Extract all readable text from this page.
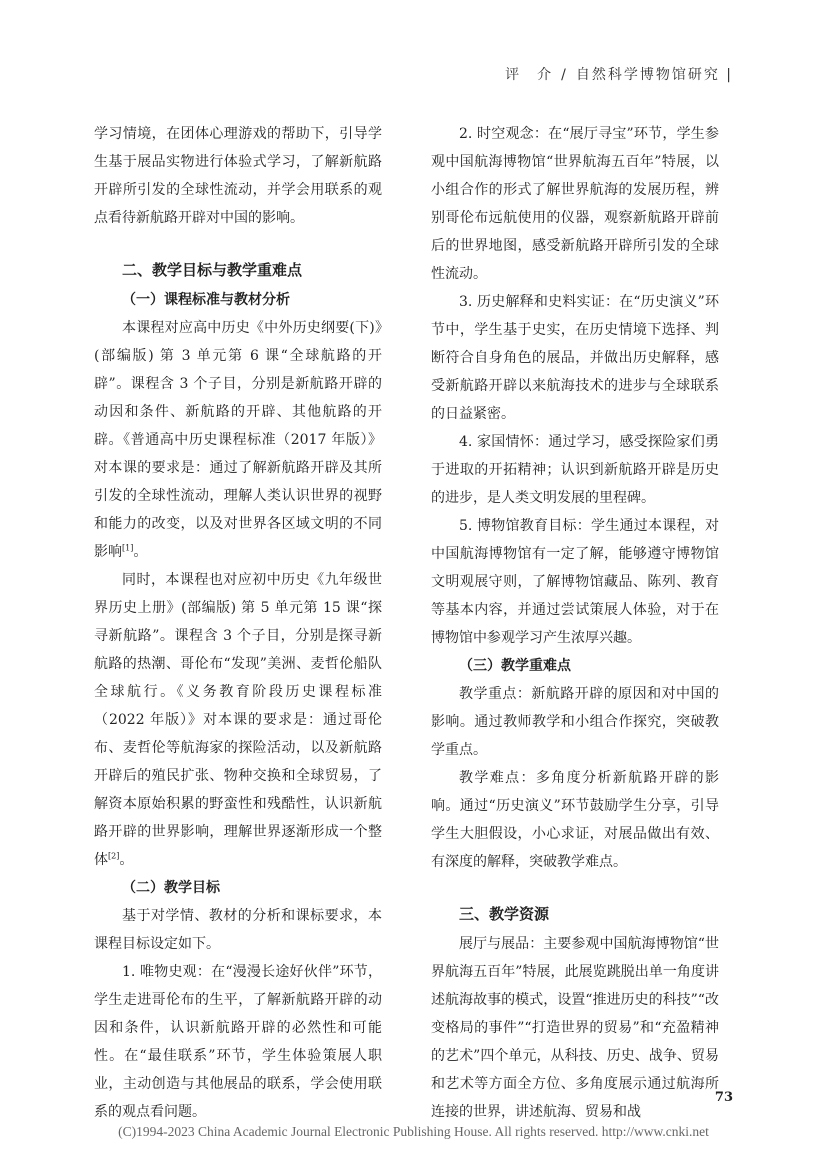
评　介 / 自然科学博物馆研究 |

学习情境，在团体心理游戏的帮助下，引导学生基于展品实物进行体验式学习，了解新航路开辟所引发的全球性流动，并学会用联系的观点看待新航路开辟对中国的影响。

二、教学目标与教学重难点
（一）课程标准与教材分析

本课程对应高中历史《中外历史纲要(下)》(部编版) 第 3 单元第 6 课“全球航路的开辟”。课程含 3 个子目，分别是新航路开辟的动因和条件、新航路的开辟、其他航路的开辟。《普通高中历史课程标准（2017 年版）》对本课的要求是：通过了解新航路开辟及其所引发的全球性流动，理解人类认识世界的视野和能力的改变，以及对世界各区域文明的不同影响[1]。

同时，本课程也对应初中历史《九年级世界历史上册》(部编版) 第 5 单元第 15 课“探寻新航路”。课程含 3 个子目，分别是探寻新航路的热潮、哥伦布“发现”美洲、麦哲伦船队全球航行。《义务教育阶段历史课程标准（2022 年版）》对本课的要求是：通过哥伦布、麦哲伦等航海家的探险活动，以及新航路开辟后的殖民扩张、物种交换和全球贸易，了解资本原始积累的野蛮性和残酷性，认识新航路开辟的世界影响，理解世界逐渐形成一个整体[2]。

（二）教学目标

基于对学情、教材的分析和课标要求，本课程目标设定如下。

1. 唯物史观：在“漫漫长途好伙伴”环节，学生走进哥伦布的生平，了解新航路开辟的动因和条件，认识新航路开辟的必然性和可能性。在“最佳联系”环节，学生体验策展人职业，主动创造与其他展品的联系，学会使用联系的观点看问题。

2. 时空观念：在“展厅寻宝”环节，学生参观中国航海博物馆“世界航海五百年”特展，以小组合作的形式了解世界航海的发展历程，辨别哥伦布远航使用的仪器，观察新航路开辟前后的世界地图，感受新航路开辟所引发的全球性流动。

3. 历史解释和史料实证：在“历史演义”环节中，学生基于史实，在历史情境下选择、判断符合自身角色的展品，并做出历史解释，感受新航路开辟以来航海技术的进步与全球联系的日益紧密。

4. 家国情怀：通过学习，感受探险家们勇于进取的开拓精神；认识到新航路开辟是历史的进步，是人类文明发展的里程碑。

5. 博物馆教育目标：学生通过本课程，对中国航海博物馆有一定了解，能够遵守博物馆文明观展守则，了解博物馆藏品、陈列、教育等基本内容，并通过尝试策展人体验，对于在博物馆中参观学习产生浓厚兴趣。

（三）教学重难点

教学重点：新航路开辟的原因和对中国的影响。通过教师教学和小组合作探究，突破教学重点。

教学难点：多角度分析新航路开辟的影响。通过“历史演义”环节鼓励学生分享，引导学生大胆假设，小心求证，对展品做出有效、有深度的解释，突破教学难点。

三、教学资源

展厅与展品：主要参观中国航海博物馆“世界航海五百年”特展，此展览跳脱出单一角度讲述航海故事的模式，设置“推进历史的科技”“改变格局的事件”“打造世界的贸易”和“充盈精神的艺术”四个单元，从科技、历史、战争、贸易和艺术等方面全方位、多角度展示通过航海所连接的世界，讲述航海、贸易和战

73
(C)1994-2023 China Academic Journal Electronic Publishing House. All rights reserved. http://www.cnki.net
